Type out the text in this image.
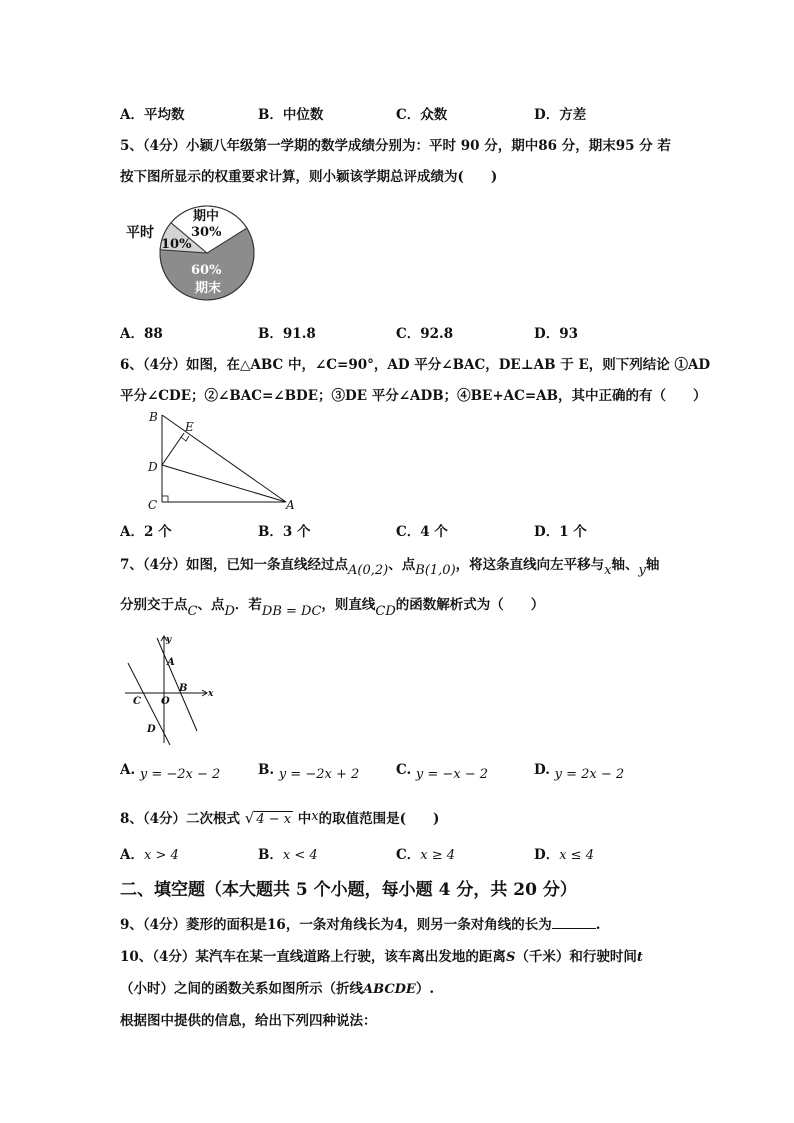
A．平均数	B．中位数	C．众数	D．方差
5、（4分）小颖八年级第一学期的数学成绩分别为：平时 90 分，期中86 分，期末95 分 若
按下图所显示的权重要求计算，则小颖该学期总评成绩为(　　)
平时
期中
30%
10%
60%
期末
A．88	B．91.8	C．92.8	D．93
6、（4分）如图，在△ABC 中，∠C=90°，AD 平分∠BAC，DE⊥AB 于 E，则下列结论 ①AD
平分∠CDE；②∠BAC=∠BDE；③DE 平分∠ADB；④BE+AC=AB，其中正确的有（　　）
B
E
D
C	A
A．2 个	B．3 个	C．4 个	D．1 个
7、（4分）如图，已知一条直线经过点A(0,2)、点B(1,0)，将这条直线向左平移与x轴、y轴
分别交于点C、点D．若DB = DC，则直线CD的函数解析式为（　　）
y
A
B
C O
D
x
A. y = −2x − 2	B. y = −2x + 2	C. y = −x − 2	D. y = 2x − 2
8、（4分）二次根式 √ 4 − x 中x的取值范围是(　　)
A．x > 4	B．x < 4	C．x ≥ 4	D．x ≤ 4
二、填空题（本大题共 5 个小题，每小题 4 分，共 20 分）
9、（4分）菱形的面积是16，一条对角线长为4，则另一条对角线的长为	.
10、（4分）某汽车在某一直线道路上行驶，该车离出发地的距离S（千米）和行驶时间t
（小时）之间的函数关系如图所示（折线ABCDE）.
根据图中提供的信息，给出下列四种说法：
